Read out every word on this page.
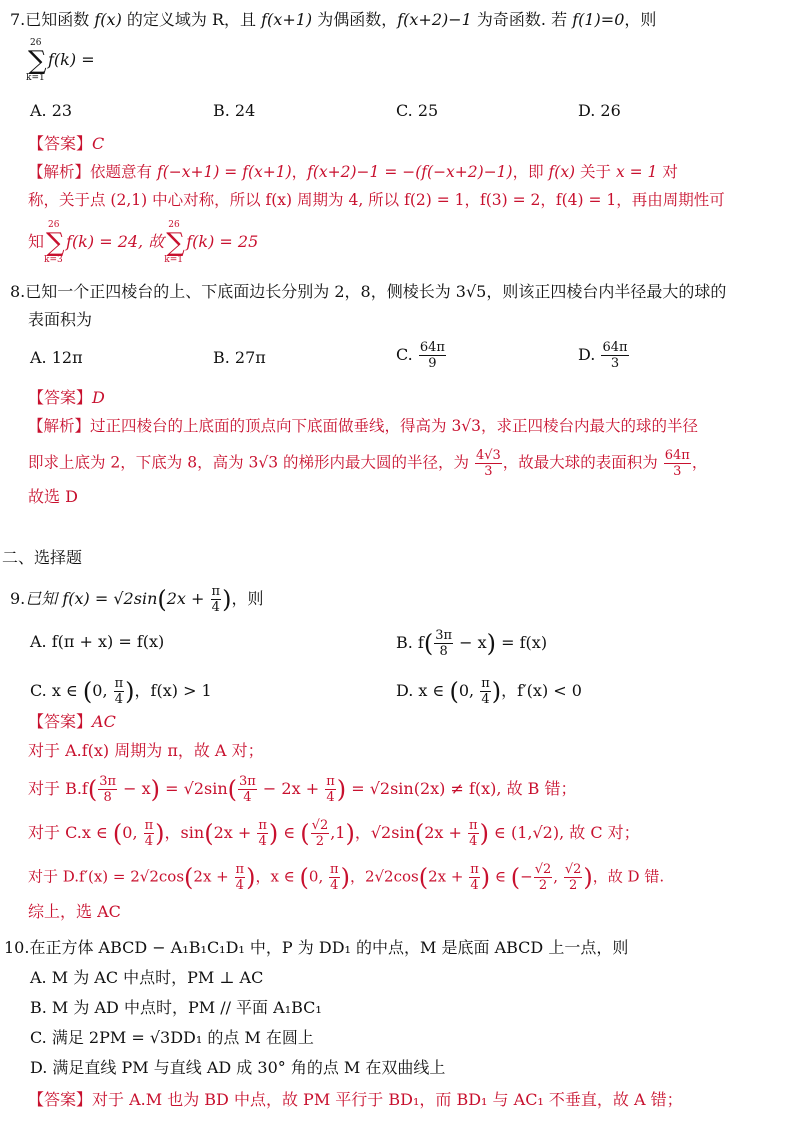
7.已知函数 f(x) 的定义域为 R，且 f(x+1) 为偶函数，f(x+2)−1 为奇函数. 若 f(1)=0，则
26
∑
k=1
f(k) =
A. 23	B. 24	C. 25	D. 26
【答案】C
【解析】依题意有 f(−x+1) = f(x+1)，f(x+2)−1 = −(f(−x+2)−1)，即 f(x) 关于 x = 1 对
称，关于点 (2,1) 中心对称，所以 f(x) 周期为 4, 所以 f(2) = 1，f(3) = 2，f(4) = 1，再由周期性可
知
26
∑
k=3
f(k) = 24, 故
26
∑
k=1
f(k) = 25
8.已知一个正四棱台的上、下底面边长分别为 2，8，侧棱长为 3√5，则该正四棱台内半径最大的球的
表面积为
A. 12π	B. 27π	C. $\frac{64\pi}{9}$	D. $\frac{64\pi}{3}$
【答案】D
【解析】过正四棱台的上底面的顶点向下底面做垂线，得高为 3√3，求正四棱台内最大的球的半径
即求上底为 2，下底为 8，高为 3√3 的梯形内最大圆的半径，为 $\frac{4√3}{3}$ ，故最大球的表面积为 $\frac{64\pi}{3}$ ，
故选 D
二、选择题
9.已知 $f(x) = √2\sin(2x + \frac{\pi}{4}$ )，则
A. f(π + x) = f(x)	B. $f( \frac{3\pi}{8} - x) = f(x)$
C. x ∈ (0, $\frac{\pi}{4}$ )，f(x) > 1	D. x ∈ (0, $\frac{\pi}{4}$ )，f′(x) < 0
【答案】AC
对于 A.f(x) 周期为 π，故 A 对；
对于 $B.f( \frac{3\pi}{8} - x) = √2\sin( \frac{3\pi}{4} - 2x + \frac{\pi}{4}$ ) = √2sin(2x) ≠ f(x), 故 B 错；
对于 C.x ∈ (0, $\frac{\pi}{4}$ )，$\sin(2x + \frac{\pi}{4}$ ) ∈ ( $\frac{√2}{2} ,1$)，$√2\sin(2x + \frac{\pi}{4}$ ) ∈ (1,√2), 故 C 对；
对于 $D.f'(x) = 2√2\cos(2x + \frac{\pi}{4}$ )，x ∈ (0, $\frac{\pi}{4}$ )，$2√2\cos(2x + \frac{\pi}{4}$ ) ∈ (− $\frac{√2}{2}$ , $\frac{√2}{2}$ )，故 D 错.
综上，选 AC
10.在正方体 ABCD − A₁B₁C₁D₁ 中，P 为 DD₁ 的中点，M 是底面 ABCD 上一点，则
A. M 为 AC 中点时，PM ⊥ AC
B. M 为 AD 中点时，PM // 平面 A₁BC₁
C. 满足 2PM = √3DD₁ 的点 M 在圆上
D. 满足直线 PM 与直线 AD 成 30° 角的点 M 在双曲线上
【答案】对于 A.M 也为 BD 中点，故 PM 平行于 BD₁，而 BD₁ 与 AC₁ 不垂直，故 A 错；
